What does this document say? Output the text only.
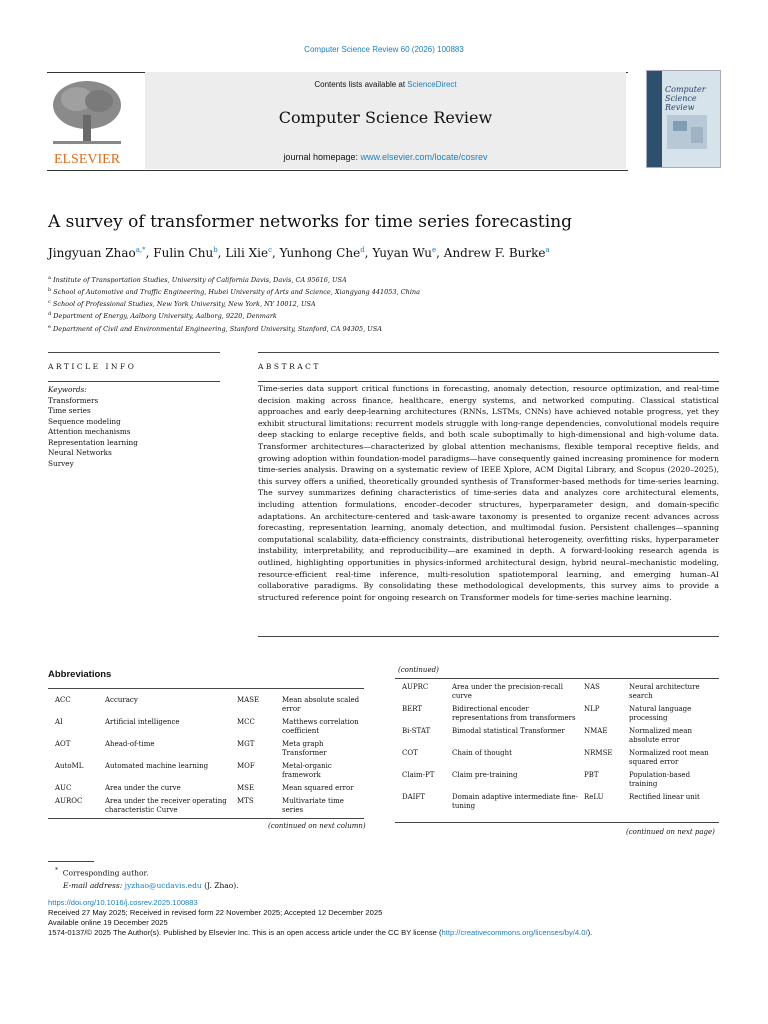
Computer Science Review 60 (2026) 100883
ELSEVIER
Contents lists available at ScienceDirect
Computer Science Review
journal homepage: www.elsevier.com/locate/cosrev
Computer
Science
Review
A survey of transformer networks for time series forecasting
Jingyuan Zhao$^{a,*}$, Fulin Chu$^b$, Lili Xie$^c$, Yunhong Che$^d$, Yuyan Wu$^e$, Andrew F. Burke$^a$
$^a$ Institute of Transportation Studies, University of California Davis, Davis, CA 95616, USA
$^b$ School of Automotive and Traffic Engineering, Hubei University of Arts and Science, Xiangyang 441053, China
$^c$ School of Professional Studies, New York University, New York, NY 10012, USA
$^d$ Department of Energy, Aalborg University, Aalborg, 9220, Denmark
$^e$ Department of Civil and Environmental Engineering, Stanford University, Stanford, CA 94305, USA
ARTICLE INFO	ABSTRACT
Keywords:
Transformers
Time series
Sequence modeling
Attention mechanisms
Representation learning
Neural Networks
Survey
Time-series data support critical functions in forecasting, anomaly detection, resource optimization, and real-time decision making across finance, healthcare, energy systems, and networked computing. Classical statistical approaches and early deep-learning architectures (RNNs, LSTMs, CNNs) have achieved notable progress, yet they exhibit structural limitations: recurrent models struggle with long-range dependencies, convolutional models require deep stacking to enlarge receptive fields, and both scale suboptimally to high-dimensional and high-volume data. Transformer architectures—characterized by global attention mechanisms, flexible temporal receptive fields, and growing adoption within foundation-model paradigms—have consequently gained increasing prominence for modern time-series analysis. Drawing on a systematic review of IEEE Xplore, ACM Digital Library, and Scopus (2020–2025), this survey offers a unified, theoretically grounded synthesis of Transformer-based methods for time-series learning. The survey summarizes defining characteristics of time-series data and analyzes core architectural elements, including attention formulations, encoder–decoder structures, hyperparameter design, and domain-specific adaptations. An architecture-centered and task-aware taxonomy is presented to organize recent advances across forecasting, representation learning, anomaly detection, and multimodal fusion. Persistent challenges—spanning computational scalability, data-efficiency constraints, distributional heterogeneity, overfitting risks, hyperparameter instability, interpretability, and reproducibility—are examined in depth. A forward-looking research agenda is outlined, highlighting opportunities in physics-informed architectural design, hybrid neural–mechanistic modeling, resource-efficient real-time inference, multi-resolution spatiotemporal learning, and emerging human–AI collaborative paradigms. By consolidating these methodological developments, this survey aims to provide a structured reference point for ongoing research on Transformer models for time-series machine learning.
Abbreviations
ACC	Accuracy	MASE	Mean absolute scaled error
AI	Artificial intelligence	MCC	Matthews correlation coefficient
AOT	Ahead-of-time	MGT	Meta graph Transformer
AutoML	Automated machine learning	MOF	Metal-organic framework
AUC	Area under the curve	MSE	Mean squared error
AUROC	Area under the receiver operating characteristic Curve	MTS	Multivariate time series
(continued on next column)
(continued)
AUPRC	Area under the precision-recall curve	NAS	Neural architecture search
BERT	Bidirectional encoder representations from transformers	NLP	Natural language processing
Bi-STAT	Bimodal statistical Transformer	NMAE	Normalized mean absolute error
COT	Chain of thought	NRMSE	Normalized root mean squared error
Claim-PT	Claim pre-training	PBT	Population-based training
DAIFT	Domain adaptive intermediate fine-tuning	ReLU	Rectified linear unit
(continued on next page)
* Corresponding author.
E-mail address: jyzhao@ucdavis.edu (J. Zhao).
https://doi.org/10.1016/j.cosrev.2025.100883
Received 27 May 2025; Received in revised form 22 November 2025; Accepted 12 December 2025
Available online 19 December 2025
1574-0137/© 2025 The Author(s). Published by Elsevier Inc. This is an open access article under the CC BY license (http://creativecommons.org/licenses/by/4.0/).
